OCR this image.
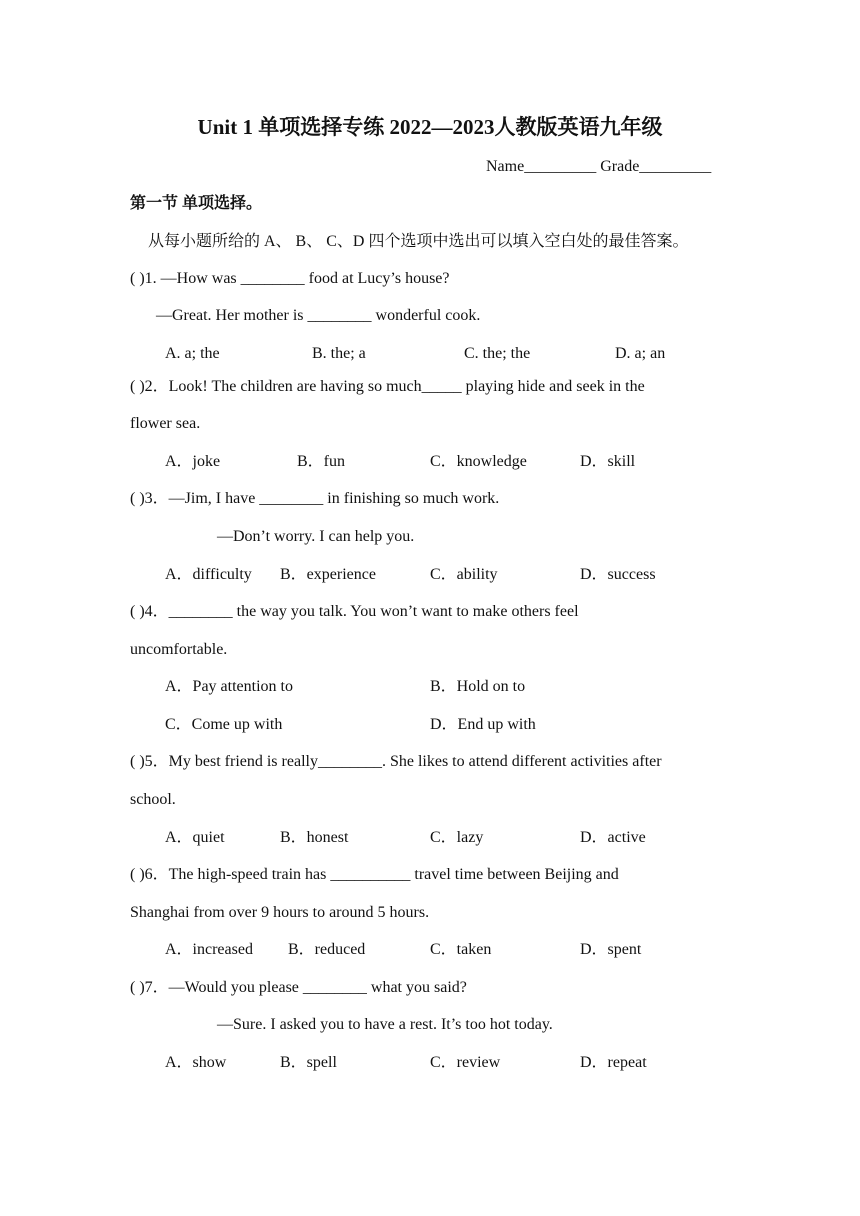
Unit 1 单项选择专练 2022—2023人教版英语九年级
Name_________ Grade_________
第一节 单项选择。
从每小题所给的 A、 B、 C、D 四个选项中选出可以填入空白处的最佳答案。
( )1. —How was ________ food at Lucy’s house?
—Great. Her mother is ________ wonderful cook.
A. a; the	B. the; a	C. the; the	D. a; an
( )2．Look! The children are having so much_____ playing hide and seek in the
flower sea.
A．joke	B．fun	C．knowledge	D．skill
( )3．—Jim, I have ________ in finishing so much work.
—Don’t worry. I can help you.
A．difficulty B．experience	C．ability	D．success
( )4．________ the way you talk. You won’t want to make others feel
uncomfortable.
A．Pay attention to	B．Hold on to
C．Come up with	D．End up with
( )5．My best friend is really________. She likes to attend different activities after
school.
A．quiet	B．honest	C．lazy	D．active
( )6．The high-speed train has __________ travel time between Beijing and
Shanghai from over 9 hours to around 5 hours.
A．increased B．reduced	C．taken	D．spent
( )7．—Would you please ________ what you said?
—Sure. I asked you to have a rest. It’s too hot today.
A．show	B．spell	C．review	D．repeat
